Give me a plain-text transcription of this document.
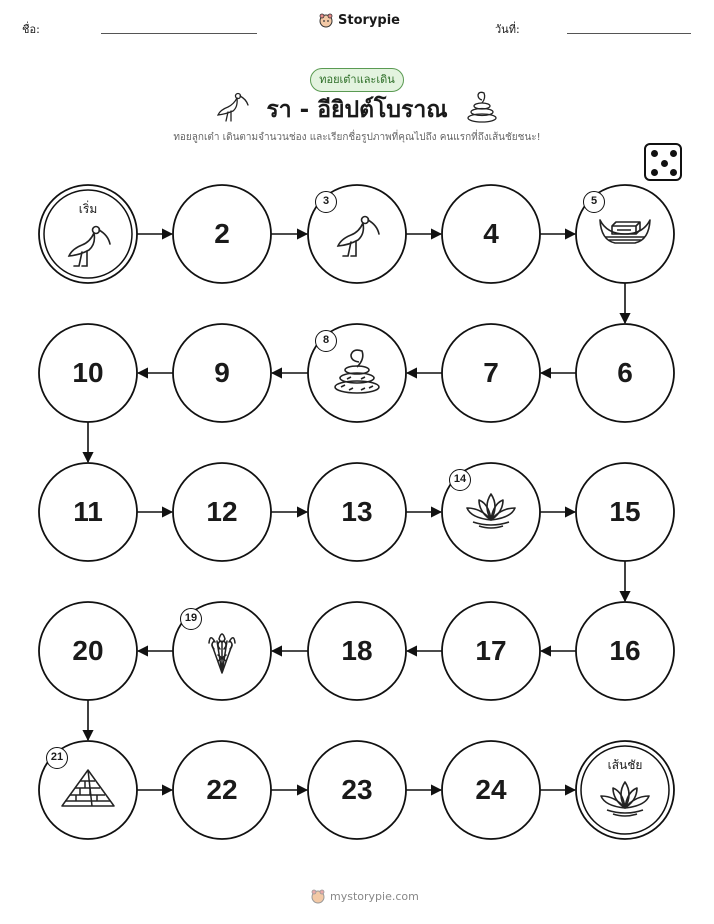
ชื่อ:
Storypie
วันที่:
ทอยเต๋าและเดิน
รา - อียิปต์โบราณ
ทอยลูกเต๋า เดินตามจำนวนช่อง และเรียกชื่อรูปภาพที่คุณไปถึง คนแรกที่ถึงเส้นชัยชนะ!
เริ่ม
2
3
4
5
6
7
8
9
10
11	12	13
14
15
16
17
18
19
20
21
22	23	24
เส้นชัย
mystorypie.com
